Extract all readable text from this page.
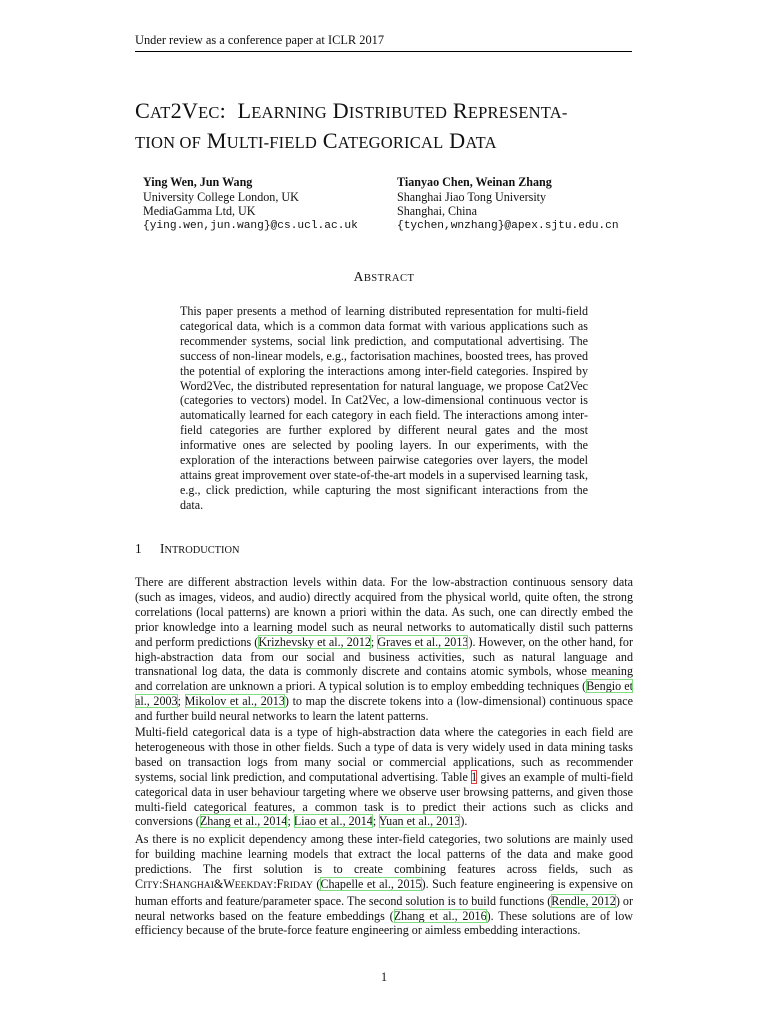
Under review as a conference paper at ICLR 2017
CAT2VEC: LEARNING DISTRIBUTED REPRESENTA-
TION OF MULTI-FIELD CATEGORICAL DATA
Ying Wen, Jun Wang
University College London, UK
MediaGamma Ltd, UK
{ying.wen,jun.wang}@cs.ucl.ac.uk
Tianyao Chen, Weinan Zhang
Shanghai Jiao Tong University
Shanghai, China
{tychen,wnzhang}@apex.sjtu.edu.cn
ABSTRACT

This paper presents a method of learning distributed representation for multi-field categorical data, which is a common data format with various applications such as recommender systems, social link prediction, and computational advertising. The success of non-linear models, e.g., factorisation machines, boosted trees, has proved the potential of exploring the interactions among inter-field categories. Inspired by Word2Vec, the distributed representation for natural language, we propose Cat2Vec (categories to vectors) model. In Cat2Vec, a low-dimensional continuous vector is automatically learned for each category in each field. The interactions among inter-field categories are further explored by different neural gates and the most informative ones are selected by pooling layers. In our experiments, with the exploration of the interactions between pairwise categories over layers, the model attains great improvement over state-of-the-art models in a supervised learning task, e.g., click prediction, while capturing the most significant interactions from the data.

1 INTRODUCTION

There are different abstraction levels within data. For the low-abstraction continuous sensory data (such as images, videos, and audio) directly acquired from the physical world, quite often, the strong correlations (local patterns) are known a priori within the data. As such, one can directly embed the prior knowledge into a learning model such as neural networks to automatically distil such patterns and perform predictions (Krizhevsky et al., 2012; Graves et al., 2013). However, on the other hand, for high-abstraction data from our social and business activities, such as natural language and transnational log data, the data is commonly discrete and contains atomic symbols, whose meaning and correlation are unknown a priori. A typical solution is to employ embedding techniques (Bengio et al., 2003; Mikolov et al., 2013) to map the discrete tokens into a (low-dimensional) continuous space and further build neural networks to learn the latent patterns.

Multi-field categorical data is a type of high-abstraction data where the categories in each field are heterogeneous with those in other fields. Such a type of data is very widely used in data mining tasks based on transaction logs from many social or commercial applications, such as recommender systems, social link prediction, and computational advertising. Table 1 gives an example of multi-field categorical data in user behaviour targeting where we observe user browsing patterns, and given those multi-field categorical features, a common task is to predict their actions such as clicks and conversions (Zhang et al., 2014; Liao et al., 2014; Yuan et al., 2013).

As there is no explicit dependency among these inter-field categories, two solutions are mainly used for building machine learning models that extract the local patterns of the data and make good predictions. The first solution is to create combining features across fields, such as CITY:SHANGHAI&WEEKDAY:FRIDAY (Chapelle et al., 2015). Such feature engineering is expensive on human efforts and feature/parameter space. The second solution is to build functions (Rendle, 2012) or neural networks based on the feature embeddings (Zhang et al., 2016). These solutions are of low efficiency because of the brute-force feature engineering or aimless embedding interactions.

1
